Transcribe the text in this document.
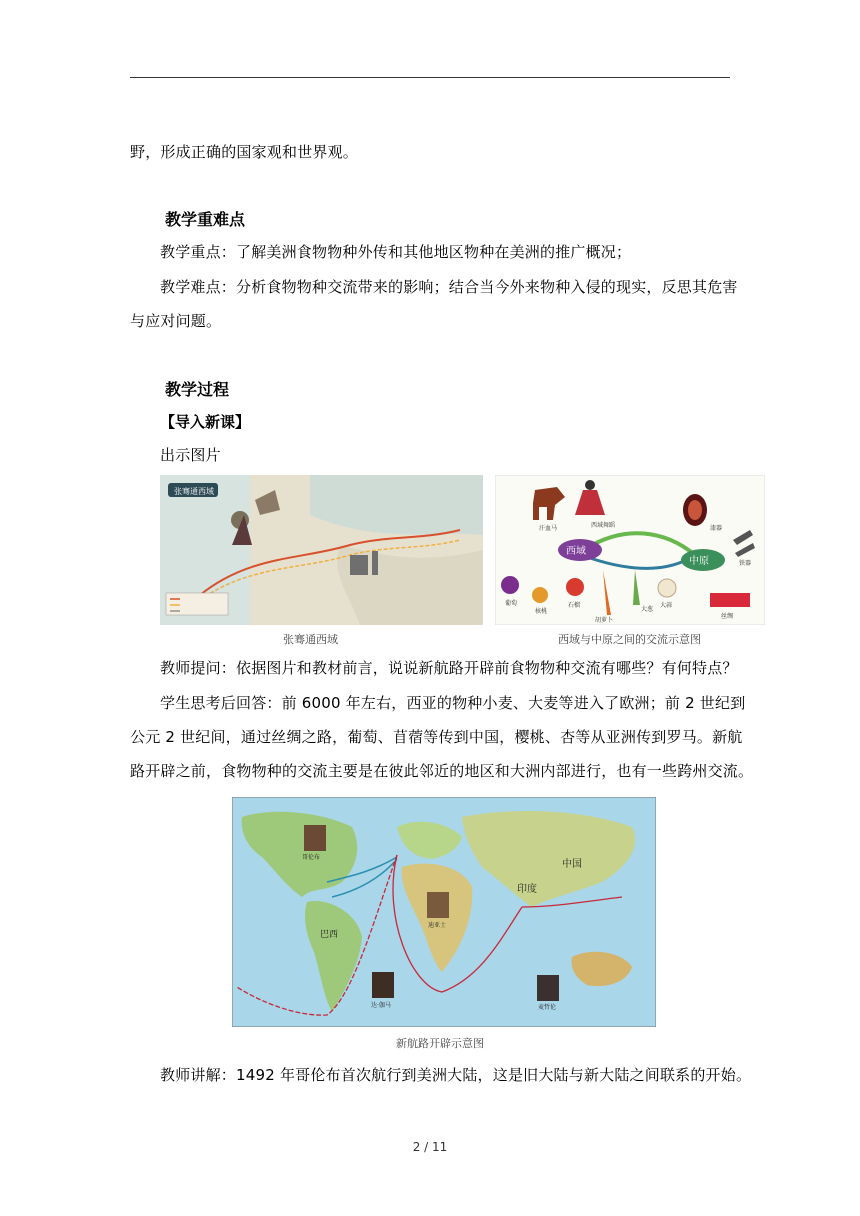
野，形成正确的国家观和世界观。
教学重难点
教学重点：了解美洲食物物种外传和其他地区物种在美洲的推广概况；
教学难点：分析食物物种交流带来的影响；结合当今外来物种入侵的现实，反思其危害
与应对问题。
教学过程
【导入新课】
出示图片
张骞通西域
西域
中原
汗血马	西域舞蹈	漆器
铁器
丝绸
葡萄
核桃
石榴
胡萝卜
大葱
大蒜
张骞通西域	西域与中原之间的交流示意图
教师提问：依据图片和教材前言，说说新航路开辟前食物物种交流有哪些？有何特点？
学生思考后回答：前 6000 年左右，西亚的物种小麦、大麦等进入了欧洲；前 2 世纪到
公元 2 世纪间，通过丝绸之路，葡萄、苜蓿等传到中国，樱桃、杏等从亚洲传到罗马。新航
路开辟之前，食物物种的交流主要是在彼此邻近的地区和大洲内部进行，也有一些跨州交流。
哥伦布
迪亚士
达·伽马	麦哲伦
巴西
中国
印度
新航路开辟示意图
教师讲解：1492 年哥伦布首次航行到美洲大陆，这是旧大陆与新大陆之间联系的开始。
2 / 11
